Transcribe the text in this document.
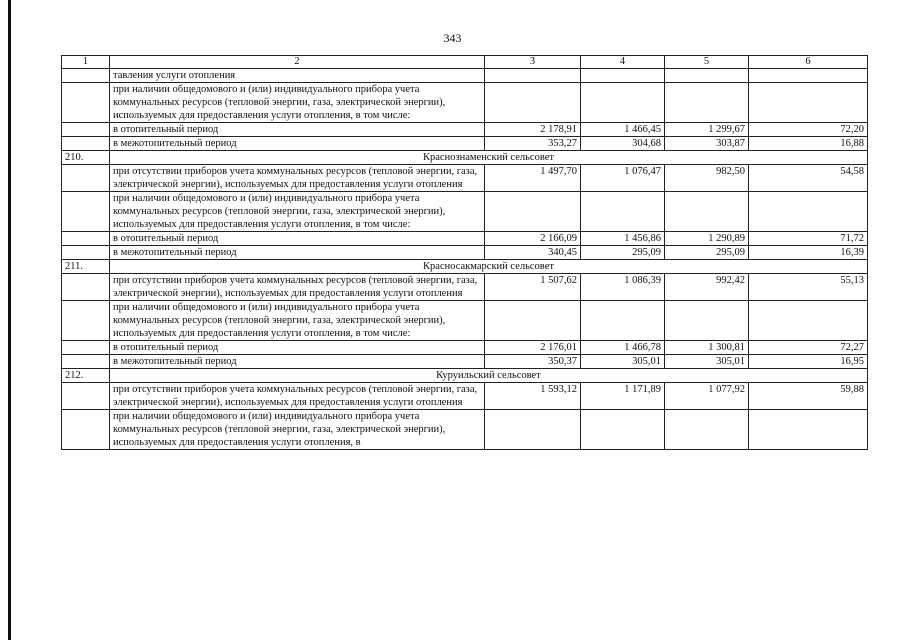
343
1	2	3	4	5	6
	тавления услуги отопления				
	при наличии общедомового и (или) индивидуального прибора учета коммунальных ресурсов (тепловой энергии, газа, электрической энергии), используемых для предоставления услуги отопления, в том числе:				
	в отопительный период	2 178,91	1 466,45	1 299,67	72,20
	в межотопительный период	353,27	304,68	303,87	16,88
210.	Краснознаменский сельсовет				
	при отсутствии приборов учета коммунальных ресурсов (тепловой энергии, газа, электрической энергии), используемых для предоставления услуги отопления	1 497,70	1 076,47	982,50	54,58
	при наличии общедомового и (или) индивидуального прибора учета коммунальных ресурсов (тепловой энергии, газа, электрической энергии), используемых для предоставления услуги отопления, в том числе:				
	в отопительный период	2 166,09	1 456,86	1 290,89	71,72
	в межотопительный период	340,45	295,09	295,09	16,39
211.	Красносакмарский сельсовет				
	при отсутствии приборов учета коммунальных ресурсов (тепловой энергии, газа, электрической энергии), используемых для предоставления услуги отопления	1 507,62	1 086,39	992,42	55,13
	при наличии общедомового и (или) индивидуального прибора учета коммунальных ресурсов (тепловой энергии, газа, электрической энергии), используемых для предоставления услуги отопления, в том числе:				
	в отопительный период	2 176,01	1 466,78	1 300,81	72,27
	в межотопительный период	350,37	305,01	305,01	16,95
212.	Куруильский сельсовет				
	при отсутствии приборов учета коммунальных ресурсов (тепловой энергии, газа, электрической энергии), используемых для предоставления услуги отопления	1 593,12	1 171,89	1 077,92	59,88
	при наличии общедомового и (или) индивидуального прибора учета коммунальных ресурсов (тепловой энергии, газа, электрической энергии), используемых для предоставления услуги отопления, в				
